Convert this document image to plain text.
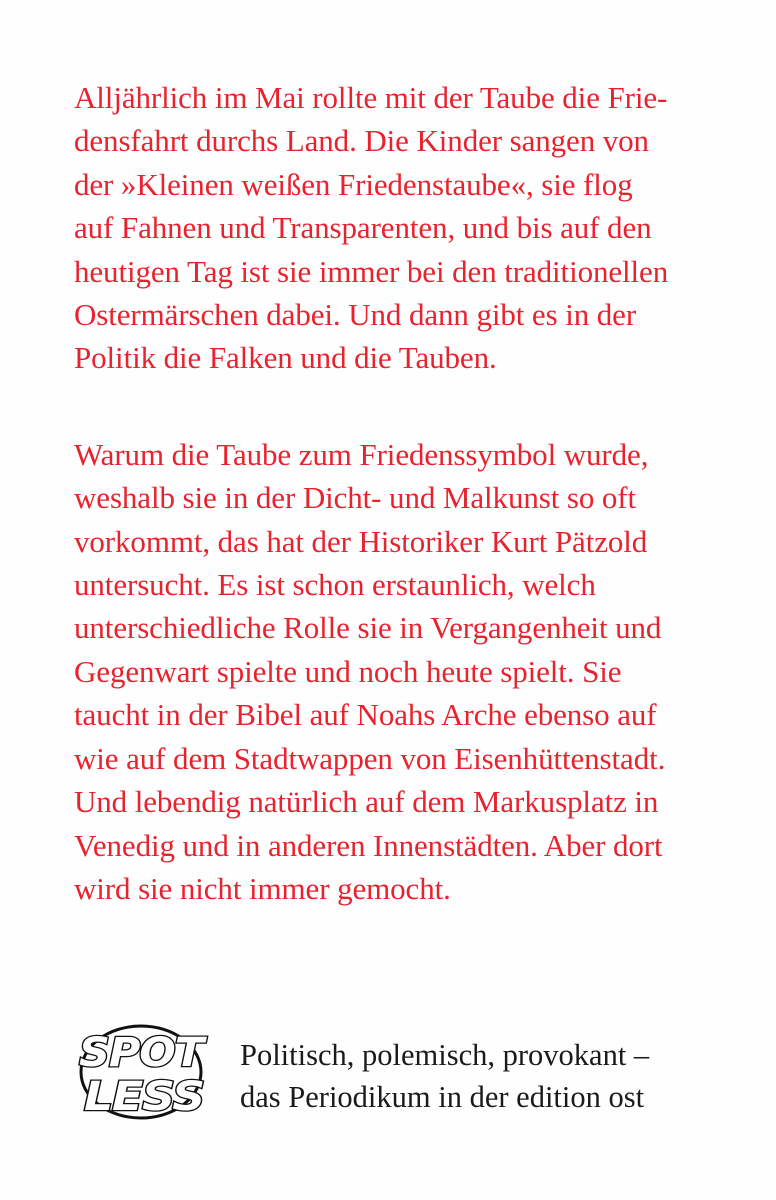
Alljährlich im Mai rollte mit der Taube die Frie-
densfahrt durchs Land. Die Kinder sangen von
der »Kleinen weißen Friedenstaube«, sie flog
auf Fahnen und Transparenten, und bis auf den
heutigen Tag ist sie immer bei den traditionellen
Ostermärschen dabei. Und dann gibt es in der
Politik die Falken und die Tauben.
Warum die Taube zum Friedenssymbol wurde,
weshalb sie in der Dicht- und Malkunst so oft
vorkommt, das hat der Historiker Kurt Pätzold
untersucht. Es ist schon erstaunlich, welch
unterschiedliche Rolle sie in Vergangenheit und
Gegenwart spielte und noch heute spielt. Sie
taucht in der Bibel auf Noahs Arche ebenso auf
wie auf dem Stadtwappen von Eisenhüttenstadt.
Und lebendig natürlich auf dem Markusplatz in
Venedig und in anderen Innenstädten. Aber dort
wird sie nicht immer gemocht.
SPOT
LESS
Politisch, polemisch, provokant –
das Periodikum in der edition ost
